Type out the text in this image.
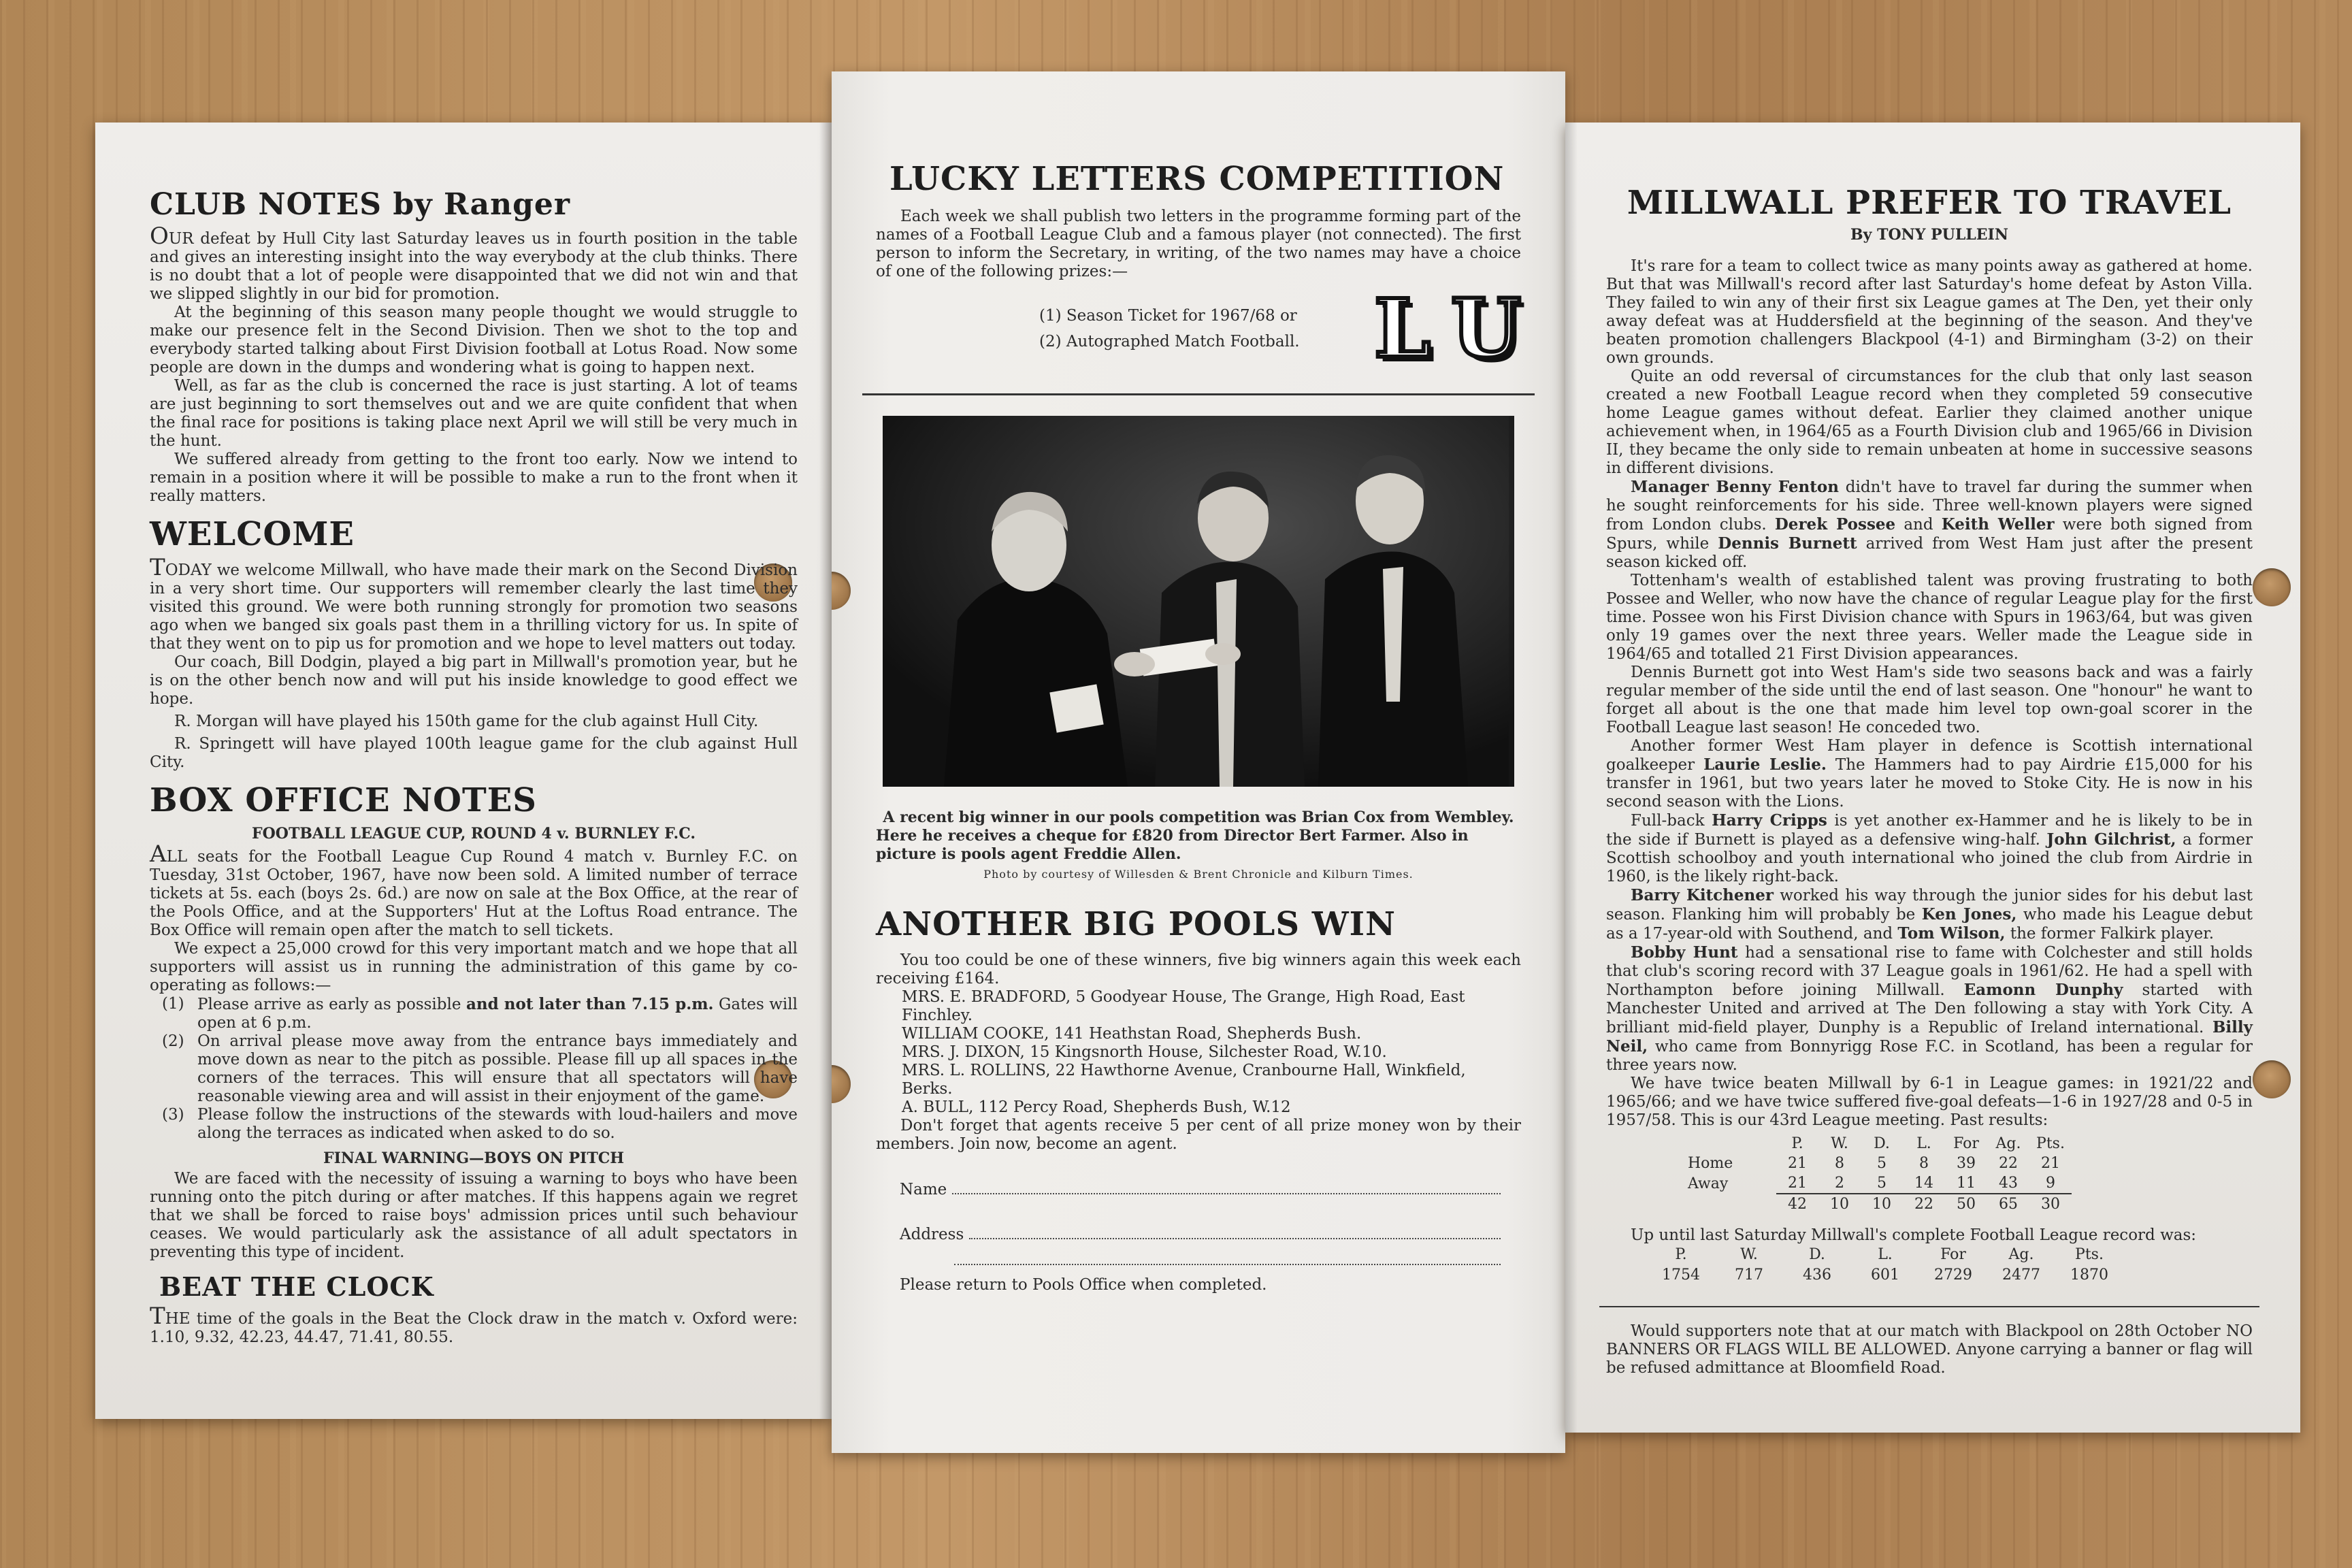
CLUB NOTES by Ranger

OUR defeat by Hull City last Saturday leaves us in fourth position in the table and gives an interesting insight into the way everybody at the club thinks. There is no doubt that a lot of people were disappointed that we did not win and that we slipped slightly in our bid for promotion.

At the beginning of this season many people thought we would struggle to make our presence felt in the Second Division. Then we shot to the top and everybody started talking about First Division football at Lotus Road. Now some people are down in the dumps and wondering what is going to happen next.

Well, as far as the club is concerned the race is just starting. A lot of teams are just beginning to sort themselves out and we are quite confident that when the final race for positions is taking place next April we will still be very much in the hunt.

We suffered already from getting to the front too early. Now we intend to remain in a position where it will be possible to make a run to the front when it really matters.

WELCOME

TODAY we welcome Millwall, who have made their mark on the Second Division in a very short time. Our supporters will remember clearly the last time they visited this ground. We were both running strongly for promotion two seasons ago when we banged six goals past them in a thrilling victory for us. In spite of that they went on to pip us for promotion and we hope to level matters out today.

Our coach, Bill Dodgin, played a big part in Millwall's promotion year, but he is on the other bench now and will put his inside knowledge to good effect we hope.

R. Morgan will have played his 150th game for the club against Hull City.

R. Springett will have played 100th league game for the club against Hull City.

BOX OFFICE NOTES
FOOTBALL LEAGUE CUP, ROUND 4 v. BURNLEY F.C.

ALL seats for the Football League Cup Round 4 match v. Burnley F.C. on Tuesday, 31st October, 1967, have now been sold. A limited number of terrace tickets at 5s. each (boys 2s. 6d.) are now on sale at the Box Office, at the rear of the Pools Office, and at the Supporters' Hut at the Loftus Road entrance. The Box Office will remain open after the match to sell tickets.

We expect a 25,000 crowd for this very important match and we hope that all supporters will assist us in running the administration of this game by co-operating as follows:—

(1) Please arrive as early as possible and not later than 7.15 p.m. Gates will open at 6 p.m.
(2) On arrival please move away from the entrance bays immediately and move down as near to the pitch as possible. Please fill up all spaces in the corners of the terraces. This will ensure that all spectators will have reasonable viewing area and will assist in their enjoyment of the game.
(3) Please follow the instructions of the stewards with loud-hailers and move along the terraces as indicated when asked to do so.
FINAL WARNING—BOYS ON PITCH

We are faced with the necessity of issuing a warning to boys who have been running onto the pitch during or after matches. If this happens again we regret that we shall be forced to raise boys' admission prices until such behaviour ceases. We would particularly ask the assistance of all adult spectators in preventing this type of incident.

BEAT THE CLOCK

THE time of the goals in the Beat the Clock draw in the match v. Oxford were: 1.10, 9.32, 42.23, 44.47, 71.41, 80.55.

LUCKY LETTERS COMPETITION

Each week we shall publish two letters in the programme forming part of the names of a Football League Club and a famous player (not connected). The first person to inform the Secretary, in writing, of the two names may have a choice of one of the following prizes:—

(1) Season Ticket for 1967/68 or
(2) Autographed Match Football. L U
A recent big winner in our pools competition was Brian Cox from Wembley.
Here he receives a cheque for £820 from Director Bert Farmer. Also in picture is pools agent Freddie Allen.
Photo by courtesy of Willesden & Brent Chronicle and Kilburn Times.
ANOTHER BIG POOLS WIN

You too could be one of these winners, five big winners again this week each receiving £164.

MRS. E. BRADFORD, 5 Goodyear House, The Grange, High Road, East Finchley.

WILLIAM COOKE, 141 Heathstan Road, Shepherds Bush.

MRS. J. DIXON, 15 Kingsnorth House, Silchester Road, W.10.

MRS. L. ROLLINS, 22 Hawthorne Avenue, Cranbourne Hall, Winkfield, Berks.

A. BULL, 112 Percy Road, Shepherds Bush, W.12

Don't forget that agents receive 5 per cent of all prize money won by their members. Join now, become an agent.

Name
Address
Please return to Pools Office when completed.
MILLWALL PREFER TO TRAVEL
By TONY PULLEIN

It's rare for a team to collect twice as many points away as gathered at home. But that was Millwall's record after last Saturday's home defeat by Aston Villa. They failed to win any of their first six League games at The Den, yet their only away defeat was at Huddersfield at the beginning of the season. And they've beaten promotion challengers Blackpool (4-1) and Birmingham (3-2) on their own grounds.

Quite an odd reversal of circumstances for the club that only last season created a new Football League record when they completed 59 consecutive home League games without defeat. Earlier they claimed another unique achievement when, in 1964/65 as a Fourth Division club and 1965/66 in Division II, they became the only side to remain unbeaten at home in successive seasons in different divisions.

Manager Benny Fenton didn't have to travel far during the summer when he sought reinforcements for his side. Three well-known players were signed from London clubs. Derek Possee and Keith Weller were both signed from Spurs, while Dennis Burnett arrived from West Ham just after the present season kicked off.

Tottenham's wealth of established talent was proving frustrating to both Possee and Weller, who now have the chance of regular League play for the first time. Possee won his First Division chance with Spurs in 1963/64, but was given only 19 games over the next three years. Weller made the League side in 1964/65 and totalled 21 First Division appearances.

Dennis Burnett got into West Ham's side two seasons back and was a fairly regular member of the side until the end of last season. One "honour" he want to forget all about is the one that made him level top own-goal scorer in the Football League last season! He conceded two.

Another former West Ham player in defence is Scottish international goalkeeper Laurie Leslie. The Hammers had to pay Airdrie £15,000 for his transfer in 1961, but two years later he moved to Stoke City. He is now in his second season with the Lions.

Full-back Harry Cripps is yet another ex-Hammer and he is likely to be in the side if Burnett is played as a defensive wing-half. John Gilchrist, a former Scottish schoolboy and youth international who joined the club from Airdrie in 1960, is the likely right-back.

Barry Kitchener worked his way through the junior sides for his debut last season. Flanking him will probably be Ken Jones, who made his League debut as a 17-year-old with Southend, and Tom Wilson, the former Falkirk player.

Bobby Hunt had a sensational rise to fame with Colchester and still holds that club's scoring record with 37 League goals in 1961/62. He had a spell with Northampton before joining Millwall. Eamonn Dunphy started with Manchester United and arrived at The Den following a stay with York City. A brilliant mid-field player, Dunphy is a Republic of Ireland international. Billy Neil, who came from Bonnyrigg Rose F.C. in Scotland, has been a regular for three years now.

We have twice beaten Millwall by 6-1 in League games: in 1921/22 and 1965/66; and we have twice suffered five-goal defeats—1-6 in 1927/28 and 0-5 in 1957/58. This is our 43rd League meeting. Past results:

	P.	W.	D.	L.	For	Ag.	Pts.
Home	21	8	5	8	39	22	21
Away	21	2	5	14	11	43	9
	42	10	10	22	50	65	30

Up until last Saturday Millwall's complete Football League record was:

P.	W.	D.	L.	For	Ag.	Pts.
1754	717	436	601	2729	2477	1870

Would supporters note that at our match with Blackpool on 28th October NO BANNERS OR FLAGS WILL BE ALLOWED. Anyone carrying a banner or flag will be refused admittance at Bloomfield Road.
